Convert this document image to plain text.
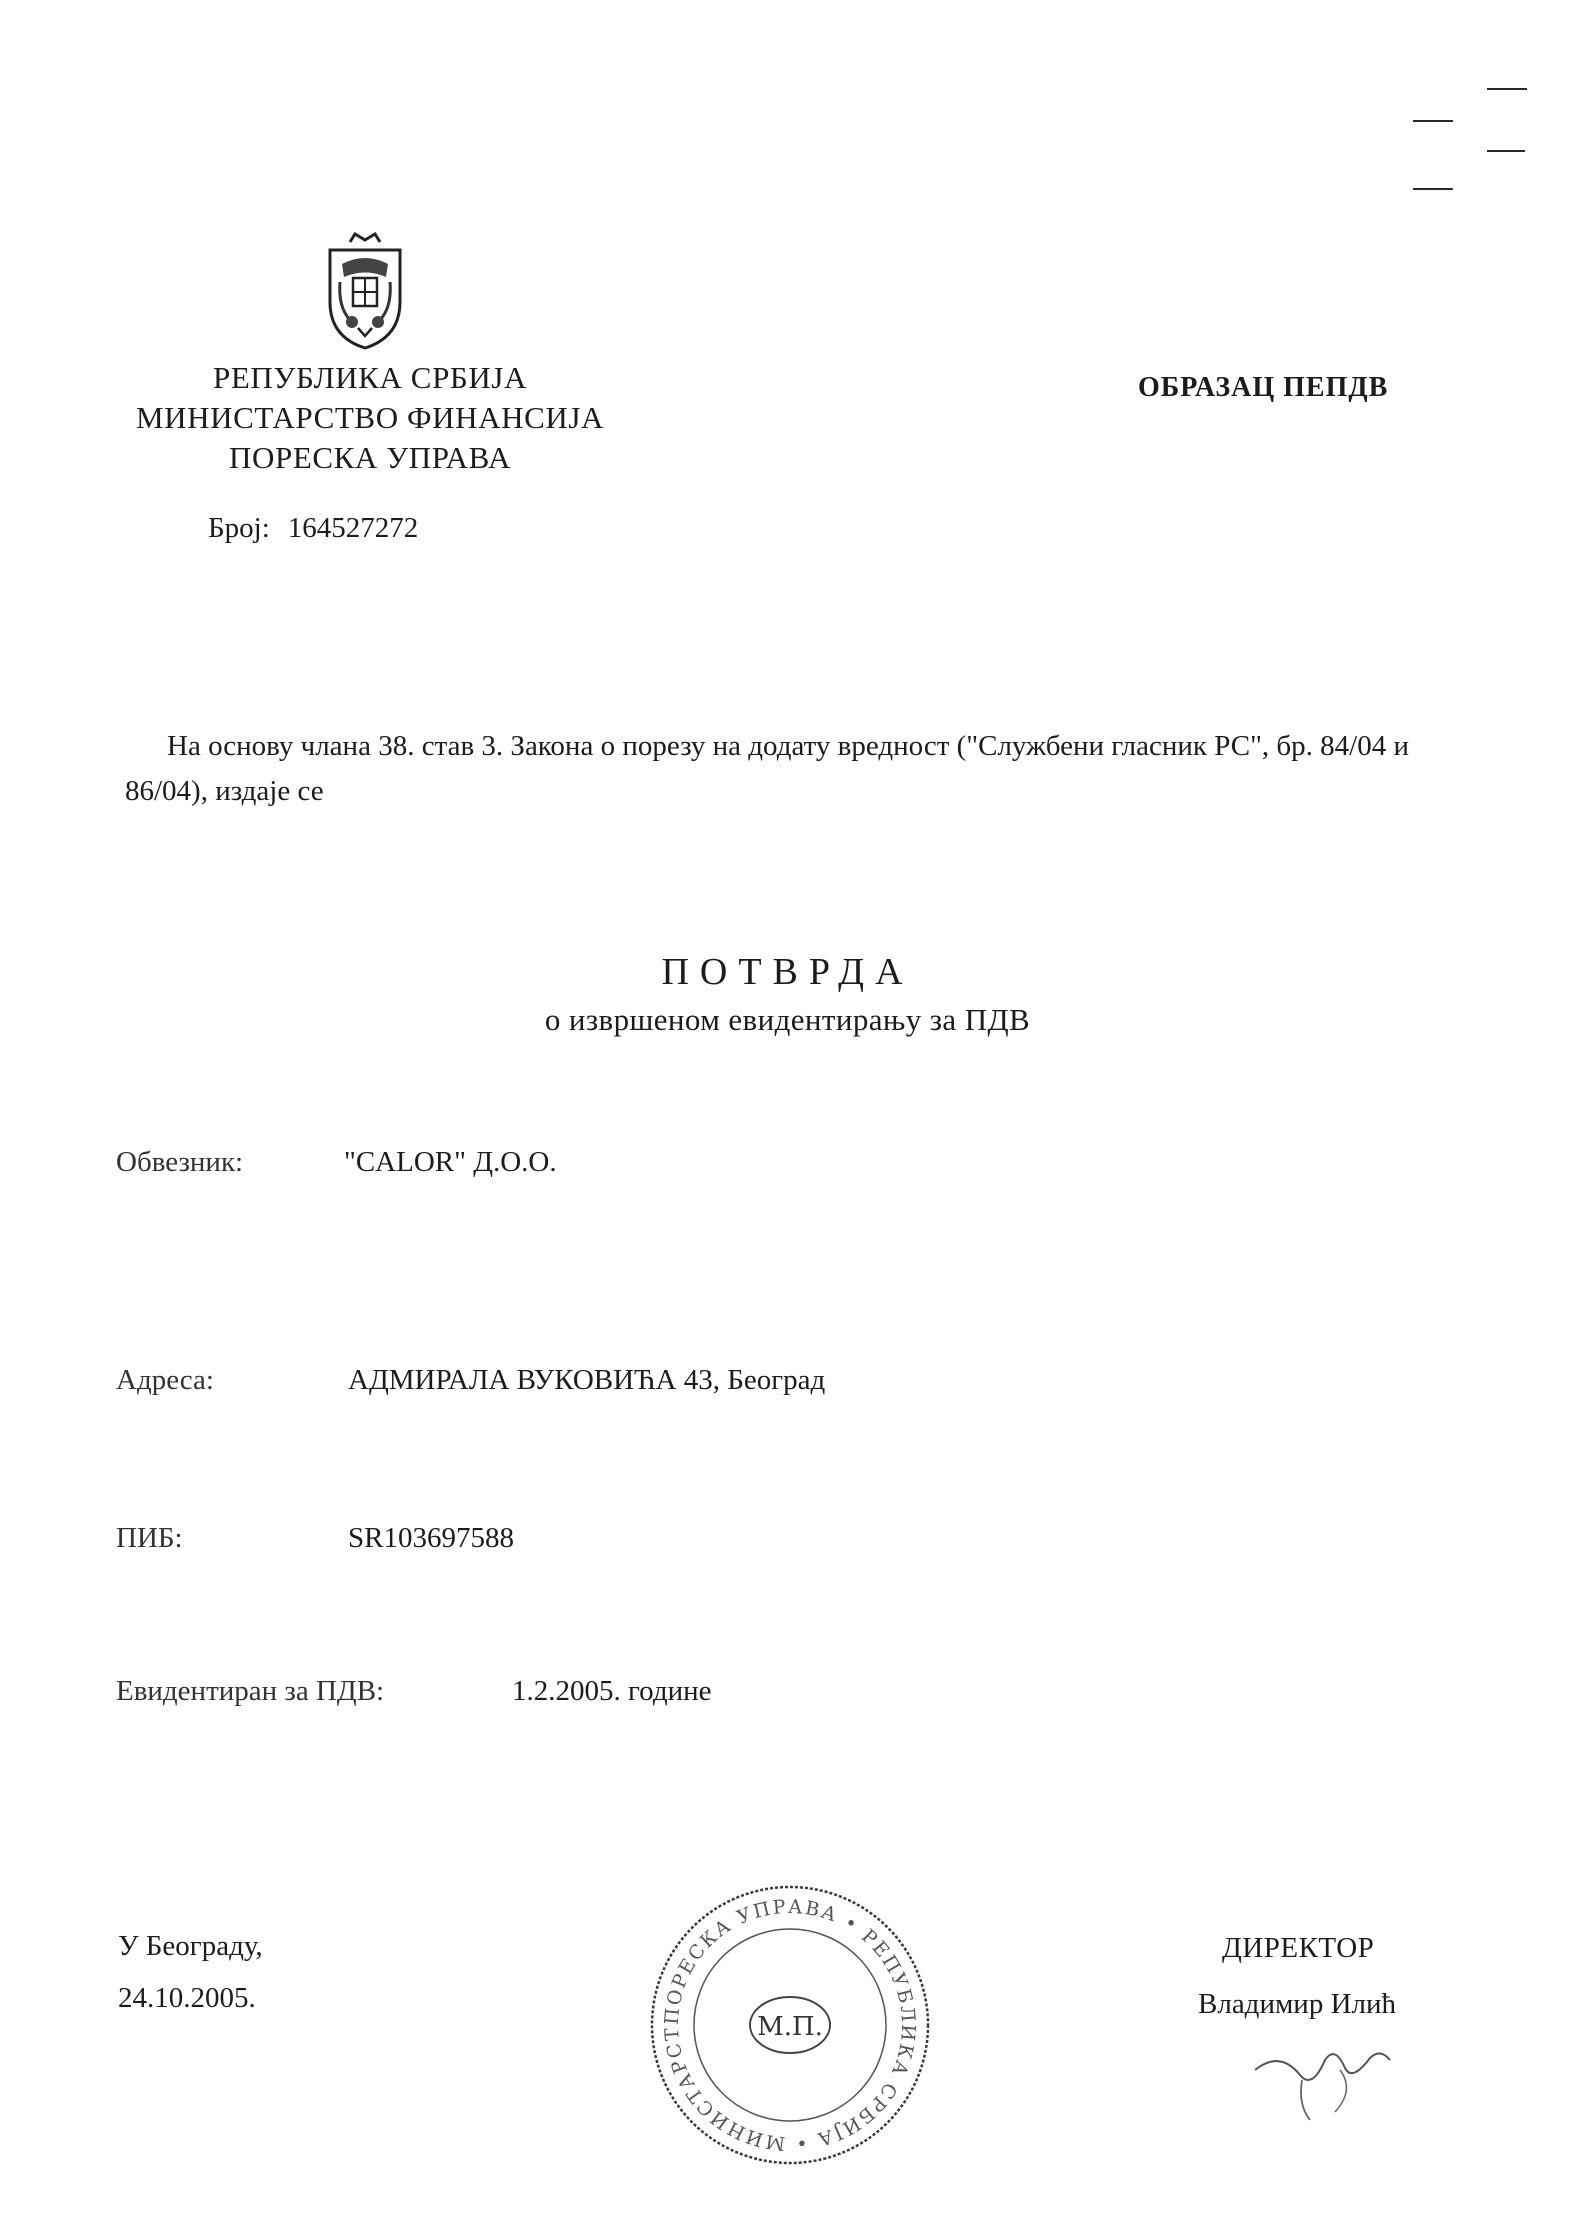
РЕПУБЛИКА СРБИЈА
МИНИСТАРСТВО ФИНАНСИЈА
ПОРЕСКА УПРАВА
Број: 164527272
ОБРАЗАЦ ПЕПДВ
На основу члана 38. став 3. Закона о порезу на додату вредност ("Службени гласник РС", бр. 84/04 и 86/04), издаје се
ПОТВРДА
о извршеном евидентирању за ПДВ
Обвезник:	"CALOR" Д.О.О.
Адреса:	АДМИРАЛА ВУКОВИЋА 43, Београд
ПИБ:	SR103697588
Евидентиран за ПДВ:	1.2.2005. године
У Београду,
24.10.2005.
ПОРЕСКА УПРАВА • РЕПУБЛИКА СРБИЈА • МИНИСТАРСТ	М.П.
ДИРЕКТОР
Владимир Илић
